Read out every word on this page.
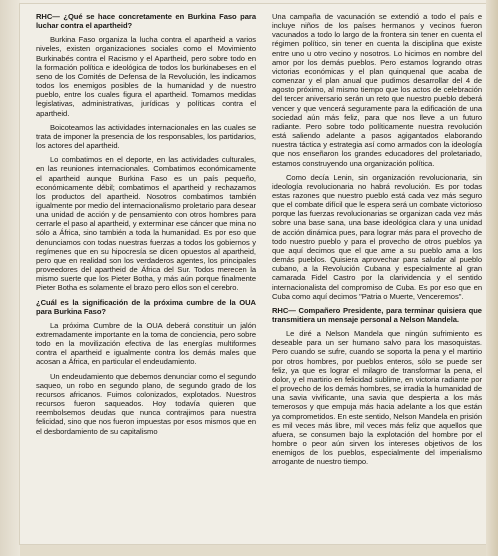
RHC— ¿Qué se hace concretamente en Burkina Faso para luchar contra el apartheid?

Burkina Faso organiza la lucha contra el apartheid a varios niveles, existen organizaciones sociales como el Movimiento Burkinabés contra el Racismo y el Apartheid, pero sobre todo en la formación política e ideológica de todos los burkinabeses en el seno de los Comités de Defensa de la Revolución, les indicamos todos los enemigos posibles de la humanidad y de nuestro pueblo, entre los cuales figura el apartheid. Tomamos medidas legislativas, administrativas, jurídicas y políticas contra el apartheid.

Boicoteamos las actividades internacionales en las cuales se trata de imponer la presencia de los responsables, los partidarios, los actores del apartheid.

Lo combatimos en el deporte, en las actividades culturales, en las reuniones internacionales. Combatimos económicamente el apartheid aunque Burkina Faso es un país pequeño, económicamente débil; combatimos el apartheid y rechazamos los productos del apartheid. Nosotros combatimos también igualmente por medio del internacionalismo proletario para desear una unidad de acción y de pensamiento con otros hombres para cerrarle el paso al apartheid, y exterminar ese cáncer que mina no sólo a África, sino también a toda la humanidad. Es por eso que denunciamos con todas nuestras fuerzas a todos los gobiernos y regímenes que en su hipocresía se dicen opuestos al apartheid, pero que en realidad son los verdaderos agentes, los principales proveedores del apartheid de África del Sur. Todos merecen la mismo suerte que los Pieter Botha, y más aún porque finalmente Pieter Botha es solamente el brazo pero ellos son el cerebro.

¿Cuál es la significación de la próxima cumbre de la OUA para Burkina Faso?

La próxima Cumbre de la OUA deberá constituir un jalón extremadamente importante en la toma de conciencia, pero sobre todo en la movilización efectiva de las energías multiformes contra el apartheid e igualmente contra los demás males que acosan a África, en particular el endeudamiento.

Un endeudamiento que debemos denunciar como el segundo saqueo, un robo en segundo plano, de segundo grado de los recursos africanos. Fuimos colonizados, explotados. Nuestros recursos fueron saqueados. Hoy todavía quieren que reembolsemos deudas que nunca contrajimos para nuestra felicidad, sino que nos fueron impuestas por esos mismos que en el desbordamiento de su capitalismo

Una campaña de vacunación se extendió a todo el país e incluye niños de los países hermanos y vecinos fueron vacunados a todo lo largo de la frontera sin tener en cuenta el régimen político, sin tener en cuenta la disciplina que existe entre uno u otro vecino y nosotros. Lo hicimos en nombre del amor por los demás pueblos. Pero estamos logrando otras victorias económicas y el plan quinquenal que acaba de comenzar y el plan anual que pudimos desarrollar del 4 de agosto próximo, al mismo tiempo que los actos de celebración del tercer aniversario serán un reto que nuestro pueblo deberá vencer y que vencerá seguramente para la edificación de una sociedad aún más feliz, para que nos lleve a un futuro radiante. Pero sobre todo políticamente nuestra revolución está saliendo adelante a pasos agigantados elaborando nuestra táctica y estrategia así como armados con la ideología que nos enseñaron los grandes educadores del proletariado, estamos construyendo una organización política.

Como decía Lenin, sin organización revolucionaria, sin ideología revolucionaria no habrá revolución. Es por todas estas razones que nuestro pueblo está cada vez más seguro que el combate difícil que le espera será un combate victorioso porque las fuerzas revolucionarias se organizan cada vez más sobre una base sana, una base ideológica clara y una unidad de acción dinámica pues, para lograr más para el provecho de todo nuestro pueblo y para el provecho de otros pueblos ya que aquí decimos que el que ame a su pueblo ama a los demás pueblos. Quisiera aprovechar para saludar al pueblo cubano, a la Revolución Cubana y especialmente al gran camarada Fidel Castro por la clarividencia y el sentido internacionalista del compromiso de Cuba. Es por eso que en Cuba como aquí decimos "Patria o Muerte, Venceremos".

RHC— Compañero Presidente, para terminar quisiera que transmitiera un mensaje personal a Nelson Mandela.

Le diré a Nelson Mandela que ningún sufrimiento es deseable para un ser humano salvo para los masoquistas. Pero cuando se sufre, cuando se soporta la pena y el martirio por otros hombres, por pueblos enteros, sólo se puede ser feliz, ya que es lograr el milagro de transformar la pena, el dolor, y el martirio en felicidad sublime, en victoria radiante por el provecho de los demás hombres, se irradia la humanidad de una savia vivificante, una savia que despierta a los más temerosos y que empuja más hacia adelante a los que están ya comprometidos. En este sentido, Nelson Mandela en prisión es mil veces más libre, mil veces más feliz que aquellos que afuera, se consumen bajo la explotación del hombre por el hombre o peor aún sirven los intereses objetivos de los enemigos de los pueblos, especialmente del imperialismo arrogante de nuestro tiempo.
